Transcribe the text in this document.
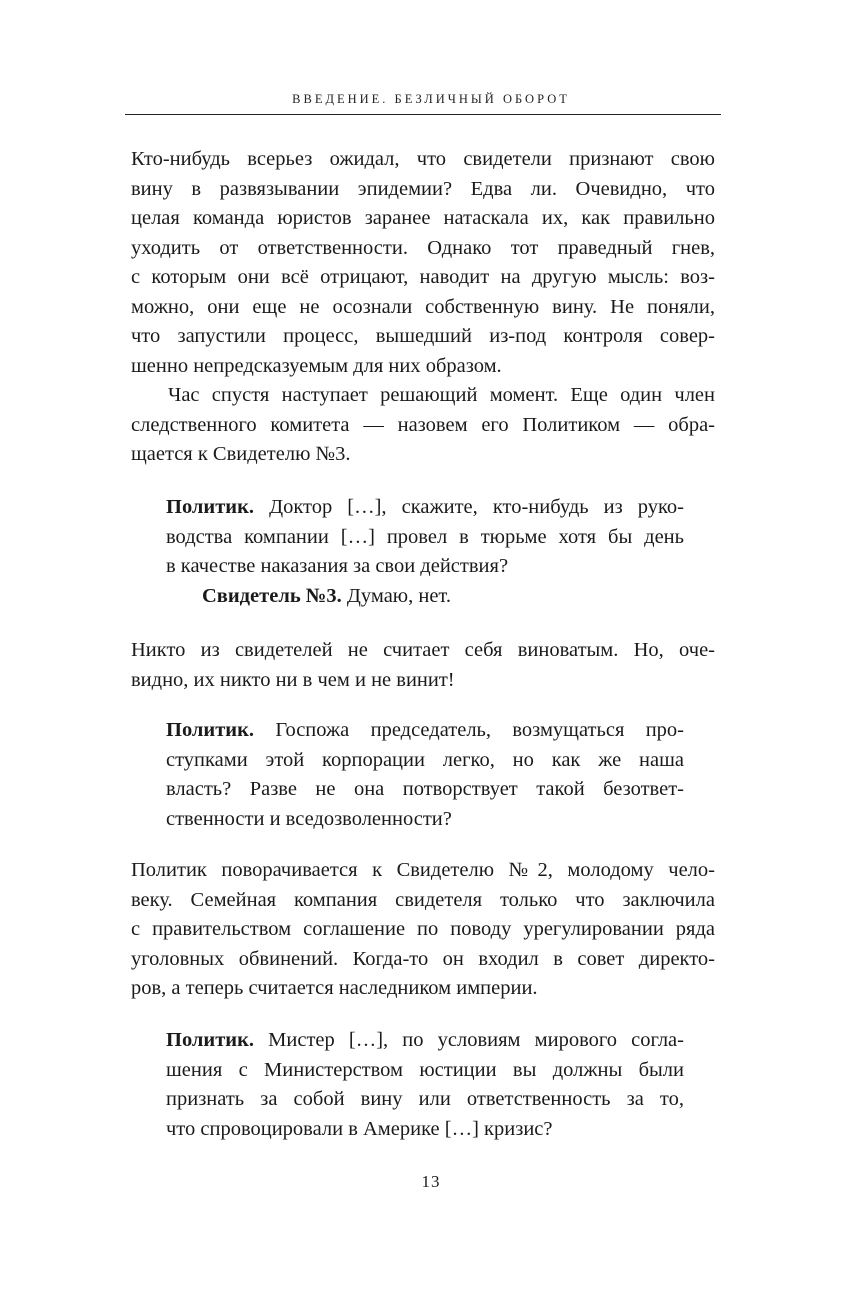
ВВЕДЕНИЕ. БЕЗЛИЧНЫЙ ОБОРОТ
Кто-нибудь всерьез ожидал, что свидетели признают свою
вину в развязывании эпидемии? Едва ли. Очевидно, что
целая команда юристов заранее натаскала их, как правильно
уходить от ответственности. Однако тот праведный гнев,
с которым они всё отрицают, наводит на другую мысль: воз-
можно, они еще не осознали собственную вину. Не поняли,
что запустили процесс, вышедший из-под контроля совер-
шенно непредсказуемым для них образом.
Час спустя наступает решающий момент. Еще один член
следственного комитета — назовем его Политиком — обра-
щается к Свидетелю №3.
Политик. Доктор […], скажите, кто-нибудь из руко-
водства компании […] провел в тюрьме хотя бы день
в качестве наказания за свои действия?
Свидетель №3. Думаю, нет.
Никто из свидетелей не считает себя виноватым. Но, оче-
видно, их никто ни в чем и не винит!
Политик. Госпожа председатель, возмущаться про-
ступками этой корпорации легко, но как же наша
власть? Разве не она потворствует такой безответ-
ственности и вседозволенности?
Политик поворачивается к Свидетелю №2, молодому чело-
веку. Семейная компания свидетеля только что заключила
с правительством соглашение по поводу урегулировании ряда
уголовных обвинений. Когда-то он входил в совет директо-
ров, а теперь считается наследником империи.
Политик. Мистер […], по условиям мирового согла-
шения с Министерством юстиции вы должны были
признать за собой вину или ответственность за то,
что спровоцировали в Америке […] кризис?
13
